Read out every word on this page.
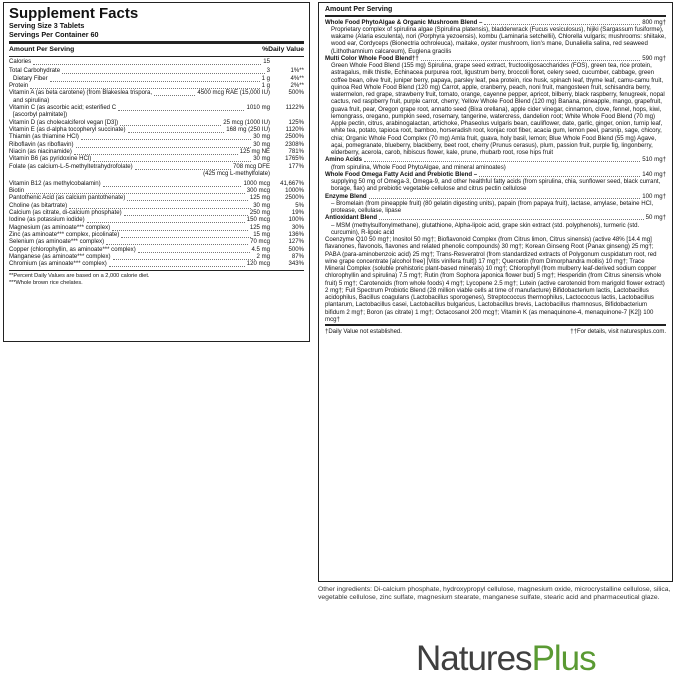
Supplement Facts
Serving Size 3 Tablets
Servings Per Container 60
Amount Per Serving	%Daily Value
Calories	15
Total Carbohydrate	3	1%**
Dietary Fiber	1 g	4%**
Protein	1 g	2%**
Vitamin A (as beta carotene) (from Blakeslea trispora,	4500 mcg RAE (15,000 IU)	500%
and spirulina)
Vitamin C (as ascorbic acid; esterified C	1010 mg	1122%
[ascorbyl palmitate])
Vitamin D (as cholecalciferol vegan [D3])	25 mcg (1000 IU)	125%
Vitamin E (as d-alpha tocopheryl succinate)	168 mg (250 IU)	1120%
Thiamin (as thiamine HCl)	30 mg	2500%
Riboflavin (as riboflavin)	30 mg	2308%
Niacin (as niacinamide)	125 mg NE	781%
Vitamin B6 (as pyridoxine HCl)	30 mg	1765%
Folate (as calcium-L-5-methyltetrahydrofolate)	708 mcg DFE	177%
(425 mcg L-methylfolate)
Vitamin B12 (as methylcobalamin)	1000 mcg	41,667%
Biotin	300 mcg	1000%
Pantothenic Acid (as calcium pantothenate)	125 mg	2500%
Choline (as bitartrate)	30 mg	5%
Calcium (as citrate, di-calcium phosphate)	250 mg	19%
Iodine (as potassium iodide)	150 mcg	100%
Magnesium (as aminoate*** complex)	125 mg	30%
Zinc (as aminoate*** complex, picolinate)	15 mg	136%
Selenium (as aminoate*** complex)	70 mcg	127%
Copper (chlorophyllin, as aminoate*** complex)	4.5 mg	500%
Manganese (as aminoate*** complex)	2 mg	87%
Chromium (as aminoate*** complex)	120 mcg	343%
**Percent Daily Values are based on a 2,000 calorie diet.
***Whole brown rice chelates.
Amount Per Serving
Whole Food PhytoAlgae & Organic Mushroom Blend –	800 mg†
Proprietary complex of spirulina algae (Spirulina platensis), bladderwrack (Fucus vesiculosus), hijiki (Sargassum fusiforme), wakame (Alaria esculenta), nori (Porphyra yezoensis), kombu (Laminaria setchellii), Chlorella vulgaris; mushrooms: shiitake, wood ear, Cordyceps (Bionectria ochroleuca), maitake, oyster mushroom, lion's mane, Dunaliella salina, red seaweed (Lithothamnium calcareum), Euglena gracilis
Multi Color Whole Food Blend††	590 mg†
Green Whole Food Blend (155 mg) Spirulina, grape seed extract, fructooligosaccharides (FOS), green tea, rice protein, astragalus, milk thistle, Echinacea purpurea root, ligustrum berry, broccoli floret, celery seed, cucumber, cabbage, green coffee bean, olive fruit, juniper berry, papaya, parsley leaf, pea protein, rice husk, spinach leaf, thyme leaf, camu-camu fruit, quinoa Red Whole Food Blend (120 mg) Carrot, apple, cranberry, peach, noni fruit, mangosteen fruit, schisandra berry, watermelon, red grape, strawberry fruit, tomato, orange, cayenne pepper, apricot, bilberry, black raspberry, fenugreek, nopal cactus, red raspberry fruit, purple carrot, cherry; Yellow Whole Food Blend (120 mg) Banana, pineapple, mango, grapefruit, guava fruit, pear, Oregon grape root, annatto seed (Bixa orellana), apple cider vinegar, cinnamon, clove, fennel, hops, kiwi, lemongrass, oregano, pumpkin seed, rosemary, tangerine, watercress, dandelion root; White Whole Food Blend (70 mg) Apple pectin, citrus, arabinogalactan, artichoke, Phaseolus vulgaris bean, cauliflower, date, garlic, ginger, onion, turnip leaf, white tea, potato, tapioca root, bamboo, horseradish root, konjac root fiber, acacia gum, lemon peel, parsnip, sage, chicory, chia; Organic Whole Food Complex (70 mg) Amla fruit, guava, holy basil, lemon; Blue Whole Food Blend (55 mg) Agave, açai, pomegranate, blueberry, blackberry, beet root, cherry (Prunus cerasus), plum, passion fruit, purple fig, lingonberry, elderberry, acerola, carob, hibiscus flower, kale, prune, rhubarb root, rose hips fruit
Amino Acids	510 mg†
(from spirulina, Whole Food PhytoAlgae, and mineral aminoates)
Whole Food Omega Fatty Acid and Prebiotic Blend –	140 mg†
supplying 50 mg of Omega-3, Omega-9, and other healthful fatty acids (from spirulina, chia, sunflower seed, black currant, borage, flax) and prebiotic vegetable cellulose and citrus pectin cellulose
Enzyme Blend	100 mg†
– Bromelain (from pineapple fruit) (80 gelatin digesting units), papain (from papaya fruit), lactase, amylase, betaine HCl, protease, cellulase, lipase
Antioxidant Blend	50 mg†
– MSM (methylsulfonylmethane), glutathione, Alpha-lipoic acid, grape skin extract (std. polyphenols), turmeric (std. curcumin), R-lipoic acid
Coenzyme Q10 50 mg†; Inositol 50 mg†; Bioflavonoid Complex (from Citrus limon, Citrus sinensis) (active 48% [14.4 mg] flavanones, flavonols, flavones and related phenolic compounds) 30 mg†; Korean Ginseng Root (Panax ginseng) 25 mg†; PABA (para-aminobenzoic acid) 25 mg†; Trans-Resveratrol (from standardized extracts of Polygonum cuspidatum root, red wine grape concentrate [alcohol free] [Vitis vinifera fruit]) 17 mg†; Quercetin (from Dimorphandra mollis) 10 mg†; Trace Mineral Complex (soluble prehistoric plant-based minerals) 10 mg†; Chlorophyll (from mulberry leaf-derived sodium copper chlorophyllin and spirulina) 7.5 mg†; Rutin (from Sophora japonica flower bud) 5 mg†; Hesperidin (from Citrus sinensis whole fruit) 5 mg†; Carotenoids (from whole foods) 4 mg†; Lycopene 2.5 mg†; Lutein (active carotenoid from marigold flower extract) 2 mg†; Full Spectrum Probiotic Blend (28 million viable cells at time of manufacture) Bifidobacterium lactis, Lactobacillus acidophilus, Bacillus coagulans (Lactobacillus sporogenes), Streptococcus thermophilus, Lactococcus lactis, Lactobacillus plantarum, Lactobacillus casei, Lactobacillus bulgaricus, Lactobacillus brevis, Lactobacillus rhamnosus, Bifidobacterium bifidum 2 mg†; Boron (as citrate) 1 mg†; Octacosanol 200 mcg†; Vitamin K (as menaquinone-4, menaquinone-7 [K2]) 100 mcg†
†Daily Value not established.	††For details, visit naturesplus.com.
Other ingredients: Di-calcium phosphate, hydroxypropyl cellulose, magnesium oxide, microcrystalline cellulose, silica, vegetable cellulose, zinc sulfate, magnesium stearate, manganese sulfate, stearic acid and pharmaceutical glaze.
NaturesPlus
